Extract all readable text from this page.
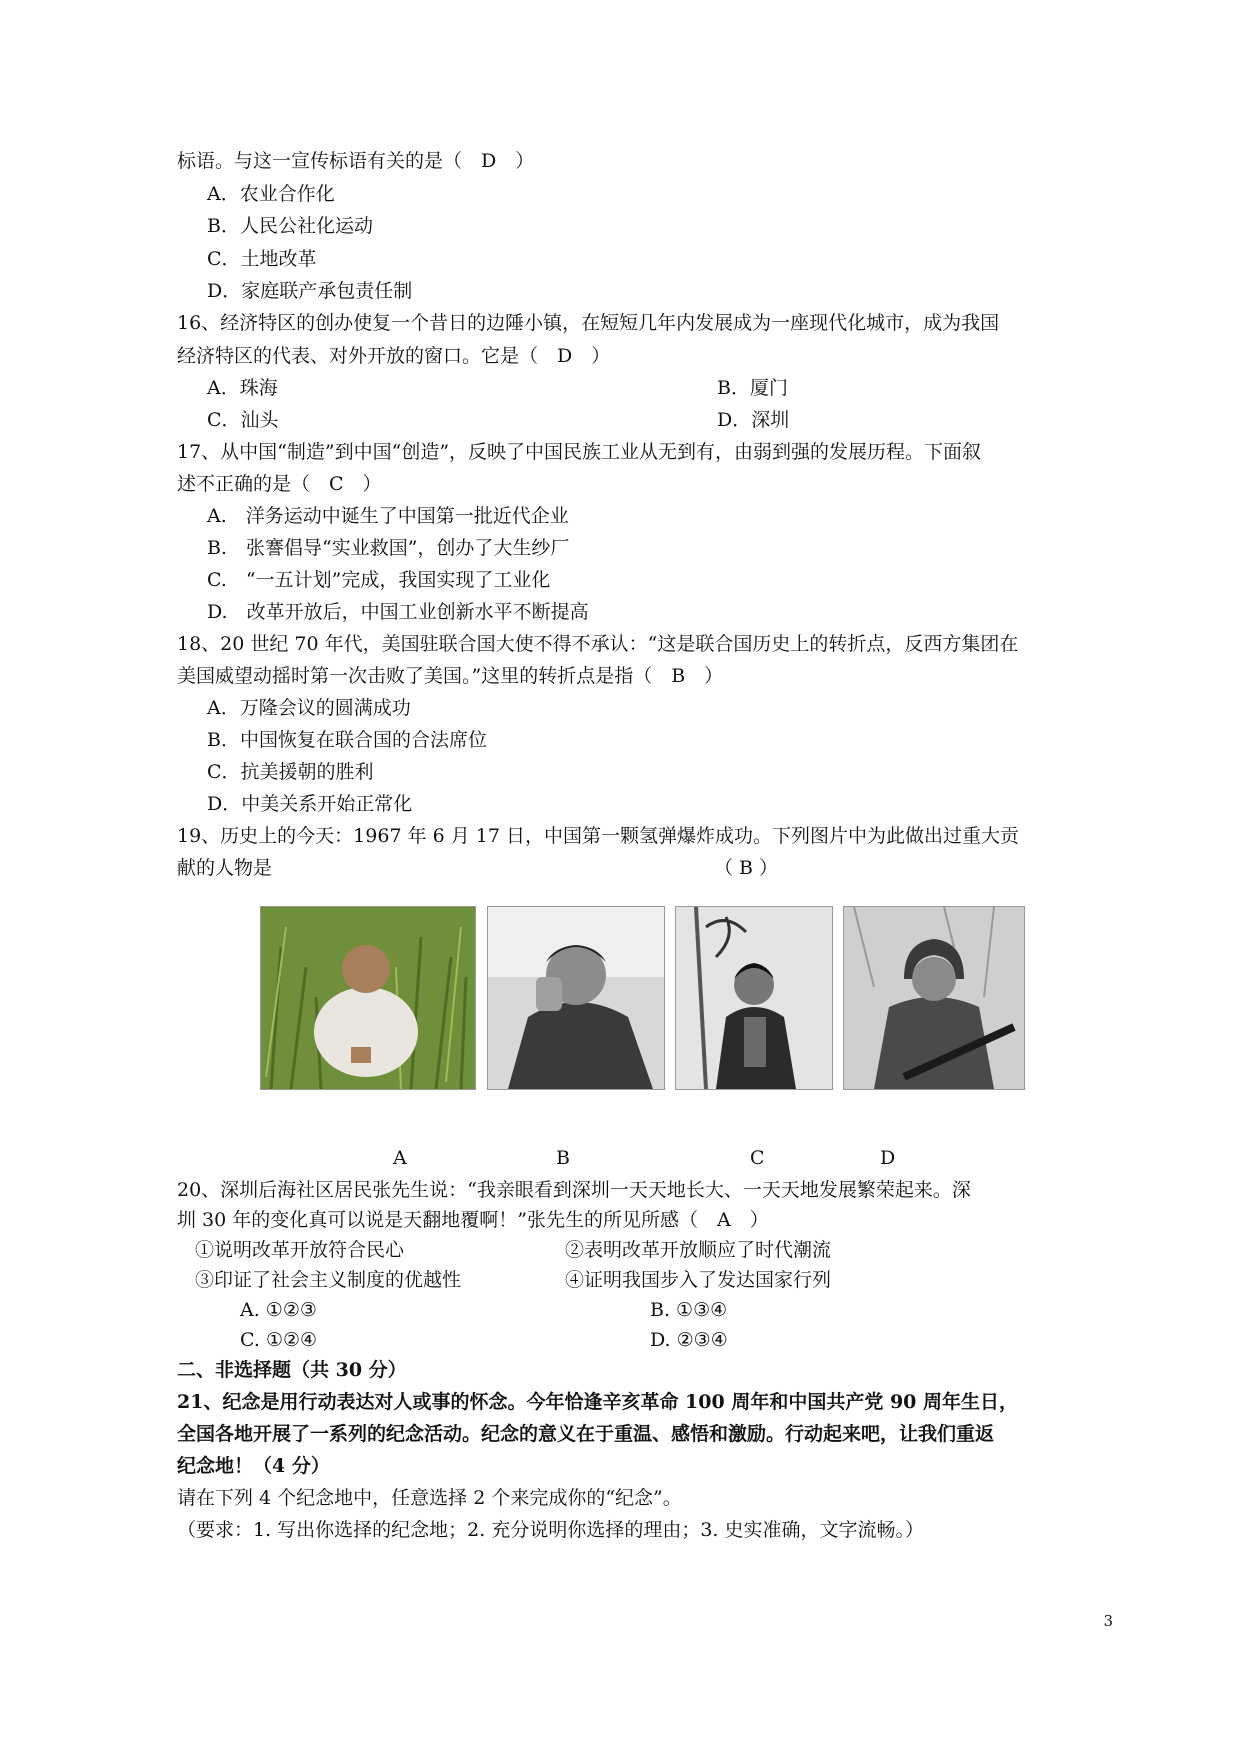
标语。与这一宣传标语有关的是（　D　）
A．农业合作化
B．人民公社化运动
C．土地改革
D．家庭联产承包责任制
16、经济特区的创办使复一个昔日的边陲小镇，在短短几年内发展成为一座现代化城市，成为我国
经济特区的代表、对外开放的窗口。它是（　D　）
A．珠海	B．厦门
C．汕头	D．深圳
17、从中国“制造”到中国“创造”，反映了中国民族工业从无到有，由弱到强的发展历程。下面叙
述不正确的是（　C　）
A.　洋务运动中诞生了中国第一批近代企业
B.　张謇倡导“实业救国”，创办了大生纱厂
C.　“一五计划”完成，我国实现了工业化
D.　改革开放后，中国工业创新水平不断提高
18、20 世纪 70 年代，美国驻联合国大使不得不承认：“这是联合国历史上的转折点，反西方集团在
美国威望动摇时第一次击败了美国。”这里的转折点是指（　B　）
A．万隆会议的圆满成功
B．中国恢复在联合国的合法席位
C．抗美援朝的胜利
D．中美关系开始正常化
19、历史上的今天：1967 年 6 月 17 日，中国第一颗氢弹爆炸成功。下列图片中为此做出过重大贡
献的人物是	（ B ）
A	B	C	D
20、深圳后海社区居民张先生说：“我亲眼看到深圳一天天地长大、一天天地发展繁荣起来。深
圳 30 年的变化真可以说是天翻地覆啊！”张先生的所见所感（　A　）
①说明改革开放符合民心	②表明改革开放顺应了时代潮流
③印证了社会主义制度的优越性	④证明我国步入了发达国家行列
A. ①②③	B. ①③④
C. ①②④	D. ②③④
二、非选择题（共 30 分）
21、纪念是用行动表达对人或事的怀念。今年恰逢辛亥革命 100 周年和中国共产党 90 周年生日，
全国各地开展了一系列的纪念活动。纪念的意义在于重温、感悟和激励。行动起来吧，让我们重返
纪念地！（4 分）
请在下列 4 个纪念地中，任意选择 2 个来完成你的“纪念”。
（要求：1. 写出你选择的纪念地；2. 充分说明你选择的理由；3. 史实准确，文字流畅。）
3
